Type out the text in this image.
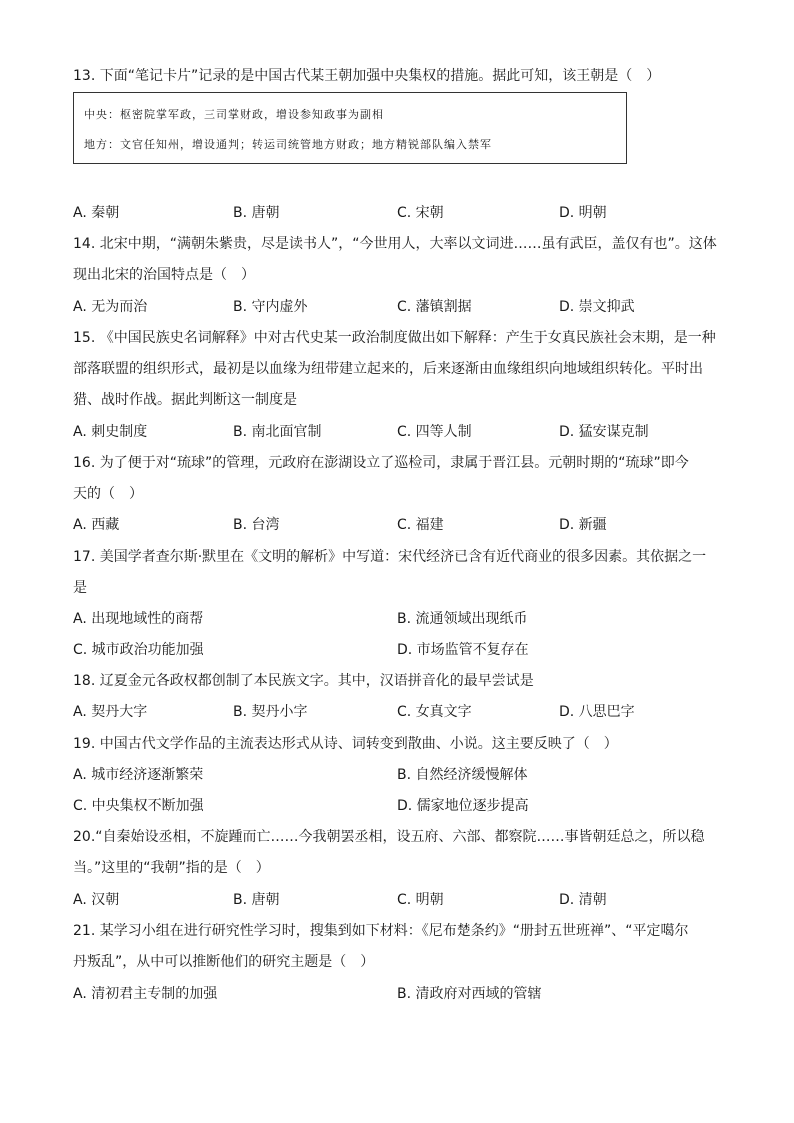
13. 下面“笔记卡片”记录的是中国古代某王朝加强中央集权的措施。据此可知，该王朝是（　）
中央：枢密院掌军政，三司掌财政，增设参知政事为副相
地方：文官任知州，增设通判；转运司统管地方财政；地方精锐部队编入禁军
A. 秦朝	B. 唐朝	C. 宋朝	D. 明朝
14. 北宋中期，“满朝朱紫贵，尽是读书人”，“今世用人，大率以文词进……虽有武臣，盖仅有也”。这体
现出北宋的治国特点是（　）
A. 无为而治	B. 守内虚外	C. 藩镇割据	D. 崇文抑武
15. 《中国民族史名词解释》中对古代史某一政治制度做出如下解释：产生于女真民族社会末期，是一种
部落联盟的组织形式，最初是以血缘为纽带建立起来的，后来逐渐由血缘组织向地域组织转化。平时出
猎、战时作战。据此判断这一制度是
A. 刺史制度	B. 南北面官制	C. 四等人制	D. 猛安谋克制
16. 为了便于对“琉球”的管理，元政府在澎湖设立了巡检司，隶属于晋江县。元朝时期的“琉球”即今
天的（　）
A. 西藏	B. 台湾	C. 福建	D. 新疆
17. 美国学者查尔斯·默里在《文明的解析》中写道：宋代经济已含有近代商业的很多因素。其依据之一
是
A. 出现地域性的商帮	B. 流通领域出现纸币
C. 城市政治功能加强	D. 市场监管不复存在
18. 辽夏金元各政权都创制了本民族文字。其中，汉语拼音化的最早尝试是
A. 契丹大字	B. 契丹小字	C. 女真文字	D. 八思巴字
19. 中国古代文学作品的主流表达形式从诗、词转变到散曲、小说。这主要反映了（　）
A. 城市经济逐渐繁荣	B. 自然经济缓慢解体
C. 中央集权不断加强	D. 儒家地位逐步提高
20.“自秦始设丞相，不旋踵而亡……今我朝罢丞相，设五府、六部、都察院……事皆朝廷总之，所以稳
当。”这里的“我朝”指的是（　）
A. 汉朝	B. 唐朝	C. 明朝	D. 清朝
21. 某学习小组在进行研究性学习时，搜集到如下材料：《尼布楚条约》“册封五世班禅”、“平定噶尔
丹叛乱”，从中可以推断他们的研究主题是（　）
A. 清初君主专制的加强	B. 清政府对西域的管辖
